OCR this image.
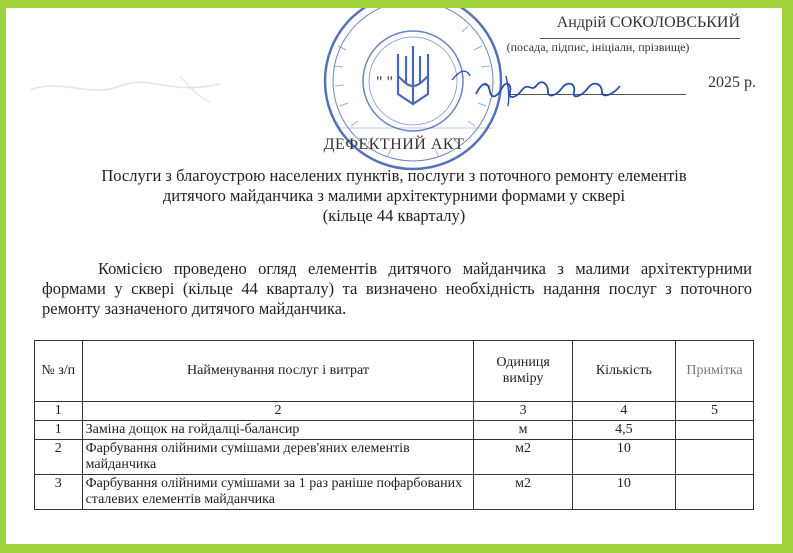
Андрій СОКОЛОВСЬКИЙ
(посада, підпис, ініціали, прізвище)
" "	2025 р.
ДЕФЕКТНИЙ АКТ
Послуги з благоустрою населених пунктів, послуги з поточного ремонту елементів
дитячого майданчика з малими архітектурними формами у сквері
(кільце 44 кварталу)
Комісією проведено огляд елементів дитячого майданчика з малими архітектурними формами у сквері (кільце 44 кварталу) та визначено необхідність надання послуг з поточного ремонту зазначеного дитячого майданчика.
№ з/п	Найменування послуг і витрат	Одиниця виміру	Кількість	Примітка
1	2	3	4	5
1	Заміна дощок на гойдалці-балансир	м	4,5	
2	Фарбування олійними сумішами дерев'яних елементів майданчика	м2	10	
3	Фарбування олійними сумішами за 1 раз раніше пофарбованих сталевих елементів майданчика	м2	10	
